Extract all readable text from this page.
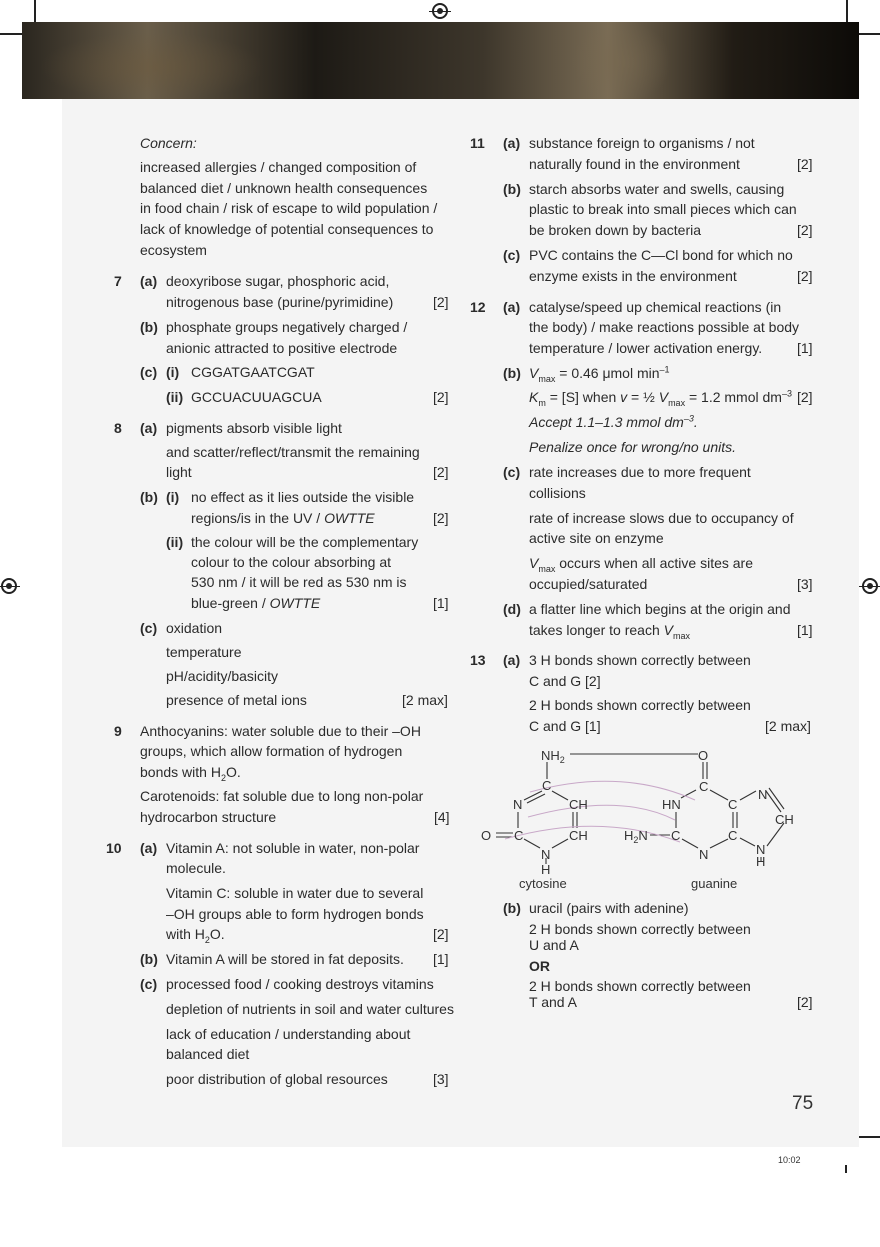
Concern:
increased allergies / changed composition of
balanced diet / unknown health consequences
in food chain / risk of escape to wild population /
lack of knowledge of potential consequences to
ecosystem
7 (a) deoxyribose sugar, phosphoric acid,
nitrogenous base (purine/pyrimidine)	[2]
(b) phosphate groups negatively charged /
anionic attracted to positive electrode
(c) (i) CGGATGAATCGAT
(ii) GCCUACUUAGCUA	[2]
8 (a) pigments absorb visible light
and scatter/reflect/transmit the remaining
light	[2]
(b) (i) no effect as it lies outside the visible
regions/is in the UV / OWTTE	[2]
(ii) the colour will be the complementary
colour to the colour absorbing at
530 nm / it will be red as 530 nm is
blue-green / OWTTE	[1]
(c) oxidation
temperature
pH/acidity/basicity
presence of metal ions	[2 max]
9 Anthocyanins: water soluble due to their –OH
groups, which allow formation of hydrogen
bonds with $H_2O$.
Carotenoids: fat soluble due to long non-polar
hydrocarbon structure	[4]
10 (a) Vitamin A: not soluble in water, non-polar
molecule.
Vitamin C: soluble in water due to several
–OH groups able to form hydrogen bonds
with $H_2O$.	[2]
(b) Vitamin A will be stored in fat deposits. [1]
(c) processed food / cooking destroys vitamins
depletion of nutrients in soil and water cultures
lack of education / understanding about
balanced diet
poor distribution of global resources	[3]
11 (a) substance foreign to organisms / not
naturally found in the environment	[2]
(b) starch absorbs water and swells, causing
plastic to break into small pieces which can
be broken down by bacteria	[2]
(c) PVC contains the C—Cl bond for which no
enzyme exists in the environment	[2]
12 (a) catalyse/speed up chemical reactions (in
the body) / make reactions possible at body
temperature / lower activation energy. [1]
(b) $V_{max} = 0.46$ μmol $\min^{-1}$
$K_m = [S]$ when v = ½ $V_{max} = 1.2$ mmol $dm^{-3}$ [2]
Accept 1.1–1.3 mmol $dm^{-3}$.
Penalize once for wrong/no units.
(c) rate increases due to more frequent
collisions
rate of increase slows due to occupancy of
active site on enzyme
$V_{max}$ occurs when all active sites are
occupied/saturated	[3]
(d) a flatter line which begins at the origin and
takes longer to reach $V_{max}$	[1]
13 (a) 3 H bonds shown correctly between
C and G [2]
2 H bonds shown correctly between
C and G [1]	[2 max]
$NH_2$
C
N	CH
O C	CH
N
H
O
C
N
HN	C
CH
$H_2N$ C	C
N	N
H
cytosine	guanine
(b) uracil (pairs with adenine)
2 H bonds shown correctly between
U and A
OR
2 H bonds shown correctly between
T and A	[2]
75
10:02
